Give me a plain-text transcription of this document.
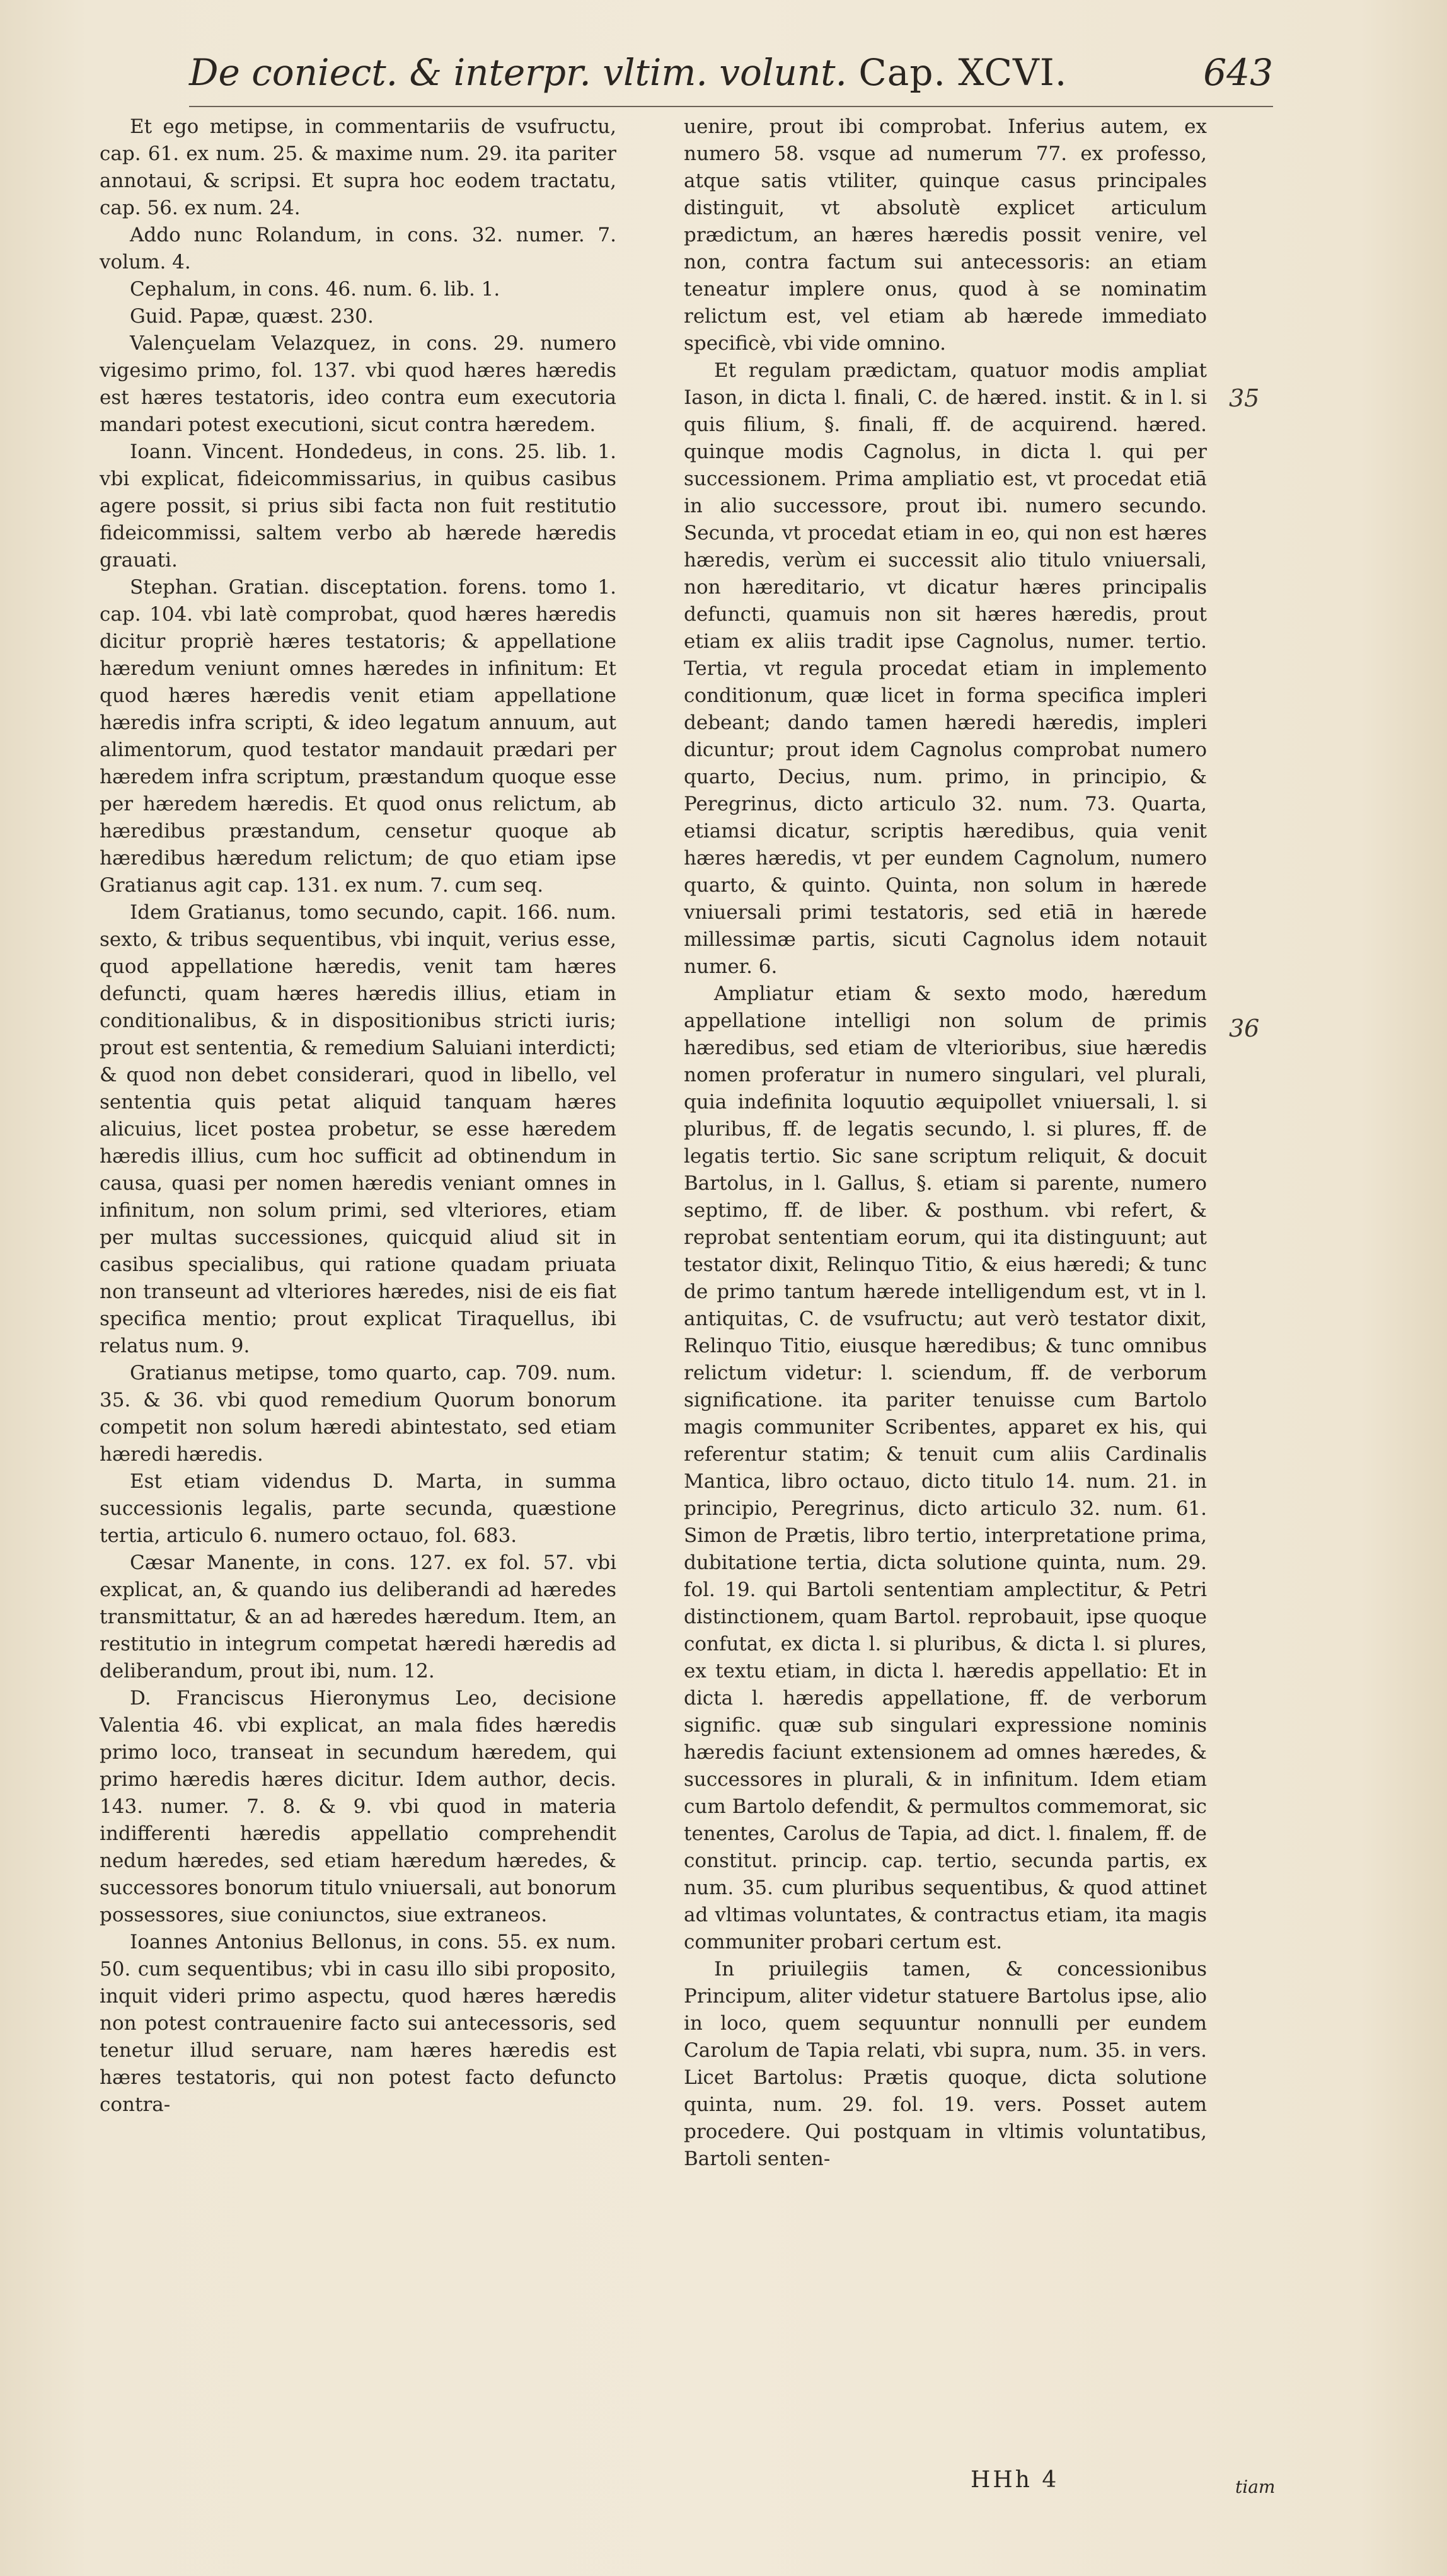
De coniect. & interpr. vltim. volunt. Cap. XCVI.	643

Et ego metipse, in commentariis de vsufructu, cap. 61. ex num. 25. & maxime num. 29. ita pariter annotaui, & scripsi. Et supra hoc eodem tractatu, cap. 56. ex num. 24.

Addo nunc Rolandum, in cons. 32. numer. 7. volum. 4.

Cephalum, in cons. 46. num. 6. lib. 1.

Guid. Papæ, quæst. 230.

Valençuelam Velazquez, in cons. 29. numero vigesimo primo, fol. 137. vbi quod hæres hæredis est hæres testatoris, ideo contra eum executoria mandari potest executioni, sicut contra hæredem.

Ioann. Vincent. Hondedeus, in cons. 25. lib. 1. vbi explicat, fideicommissarius, in quibus casibus agere possit, si prius sibi facta non fuit restitutio fideicommissi, saltem verbo ab hærede hæredis grauati.

Stephan. Gratian. disceptation. forens. tomo 1. cap. 104. vbi latè comprobat, quod hæres hæredis dicitur propriè hæres testatoris; & appellatione hæredum veniunt omnes hæredes in infinitum: Et quod hæres hæredis venit etiam appellatione hæredis infra scripti, & ideo legatum annuum, aut alimentorum, quod testator mandauit prædari per hæredem infra scriptum, præstandum quoque esse per hæredem hæredis. Et quod onus relictum, ab hæredibus præstandum, censetur quoque ab hæredibus hæredum relictum; de quo etiam ipse Gratianus agit cap. 131. ex num. 7. cum seq.

Idem Gratianus, tomo secundo, capit. 166. num. sexto, & tribus sequentibus, vbi inquit, verius esse, quod appellatione hæredis, venit tam hæres defuncti, quam hæres hæredis illius, etiam in conditionalibus, & in dispositionibus stricti iuris; prout est sententia, & remedium Saluiani interdicti; & quod non debet considerari, quod in libello, vel sententia quis petat aliquid tanquam hæres alicuius, licet postea probetur, se esse hæredem hæredis illius, cum hoc sufficit ad obtinendum in causa, quasi per nomen hæredis veniant omnes in infinitum, non solum primi, sed vlteriores, etiam per multas successiones, quicquid aliud sit in casibus specialibus, qui ratione quadam priuata non transeunt ad vlteriores hæredes, nisi de eis fiat specifica mentio; prout explicat Tiraquellus, ibi relatus num. 9.

Gratianus metipse, tomo quarto, cap. 709. num. 35. & 36. vbi quod remedium Quorum bonorum competit non solum hæredi abintestato, sed etiam hæredi hæredis.

Est etiam videndus D. Marta, in summa successionis legalis, parte secunda, quæstione tertia, articulo 6. numero octauo, fol. 683.

Cæsar Manente, in cons. 127. ex fol. 57. vbi explicat, an, & quando ius deliberandi ad hæredes transmittatur, & an ad hæredes hæredum. Item, an restitutio in integrum competat hæredi hæredis ad deliberandum, prout ibi, num. 12.

D. Franciscus Hieronymus Leo, decisione Valentia 46. vbi explicat, an mala fides hæredis primo loco, transeat in secundum hæredem, qui primo hæredis hæres dicitur. Idem author, decis. 143. numer. 7. 8. & 9. vbi quod in materia indifferenti hæredis appellatio comprehendit nedum hæredes, sed etiam hæredum hæredes, & successores bonorum titulo vniuersali, aut bonorum possessores, siue coniunctos, siue extraneos.

Ioannes Antonius Bellonus, in cons. 55. ex num. 50. cum sequentibus; vbi in casu illo sibi proposito, inquit videri primo aspectu, quod hæres hæredis non potest contrauenire facto sui antecessoris, sed tenetur illud seruare, nam hæres hæredis est hæres testatoris, qui non potest facto defuncto contra-

uenire, prout ibi comprobat. Inferius autem, ex numero 58. vsque ad numerum 77. ex professo, atque satis vtiliter, quinque casus principales distinguit, vt absolutè explicet articulum prædictum, an hæres hæredis possit venire, vel non, contra factum sui antecessoris: an etiam teneatur implere onus, quod à se nominatim relictum est, vel etiam ab hærede immediato specificè, vbi vide omnino.

Et regulam prædictam, quatuor modis ampliat Iason, in dicta l. finali, C. de hæred. instit. & in l. si quis filium, §. finali, ff. de acquirend. hæred. quinque modis Cagnolus, in dicta l. qui per successionem. Prima ampliatio est, vt procedat etiā in alio successore, prout ibi. numero secundo. Secunda, vt procedat etiam in eo, qui non est hæres hæredis, verùm ei successit alio titulo vniuersali, non hæreditario, vt dicatur hæres principalis defuncti, quamuis non sit hæres hæredis, prout etiam ex aliis tradit ipse Cagnolus, numer. tertio. Tertia, vt regula procedat etiam in implemento conditionum, quæ licet in forma specifica impleri debeant; dando tamen hæredi hæredis, impleri dicuntur; prout idem Cagnolus comprobat numero quarto, Decius, num. primo, in principio, & Peregrinus, dicto articulo 32. num. 73. Quarta, etiamsi dicatur, scriptis hæredibus, quia venit hæres hæredis, vt per eundem Cagnolum, numero quarto, & quinto. Quinta, non solum in hærede vniuersali primi testatoris, sed etiā in hærede millessimæ partis, sicuti Cagnolus idem notauit numer. 6.

Ampliatur etiam & sexto modo, hæredum appellatione intelligi non solum de primis hæredibus, sed etiam de vlterioribus, siue hæredis nomen proferatur in numero singulari, vel plurali, quia indefinita loquutio æquipollet vniuersali, l. si pluribus, ff. de legatis secundo, l. si plures, ff. de legatis tertio. Sic sane scriptum reliquit, & docuit Bartolus, in l. Gallus, §. etiam si parente, numero septimo, ff. de liber. & posthum. vbi refert, & reprobat sententiam eorum, qui ita distinguunt; aut testator dixit, Relinquo Titio, & eius hæredi; & tunc de primo tantum hærede intelligendum est, vt in l. antiquitas, C. de vsufructu; aut verò testator dixit, Relinquo Titio, eiusque hæredibus; & tunc omnibus relictum videtur: l. sciendum, ff. de verborum significatione. ita pariter tenuisse cum Bartolo magis communiter Scribentes, apparet ex his, qui referentur statim; & tenuit cum aliis Cardinalis Mantica, libro octauo, dicto titulo 14. num. 21. in principio, Peregrinus, dicto articulo 32. num. 61. Simon de Prætis, libro tertio, interpretatione prima, dubitatione tertia, dicta solutione quinta, num. 29. fol. 19. qui Bartoli sententiam amplectitur, & Petri distinctionem, quam Bartol. reprobauit, ipse quoque confutat, ex dicta l. si pluribus, & dicta l. si plures, ex textu etiam, in dicta l. hæredis appellatio: Et in dicta l. hæredis appellatione, ff. de verborum signific. quæ sub singulari expressione nominis hæredis faciunt extensionem ad omnes hæredes, & successores in plurali, & in infinitum. Idem etiam cum Bartolo defendit, & permultos commemorat, sic tenentes, Carolus de Tapia, ad dict. l. finalem, ff. de constitut. princip. cap. tertio, secunda partis, ex num. 35. cum pluribus sequentibus, & quod attinet ad vltimas voluntates, & contractus etiam, ita magis communiter probari certum est.

In priuilegiis tamen, & concessionibus Principum, aliter videtur statuere Bartolus ipse, alio in loco, quem sequuntur nonnulli per eundem Carolum de Tapia relati, vbi supra, num. 35. in vers. Licet Bartolus: Prætis quoque, dicta solutione quinta, num. 29. fol. 19. vers. Posset autem procedere. Qui postquam in vltimis voluntatibus, Bartoli senten-

35
36
HHh 4	tiam
